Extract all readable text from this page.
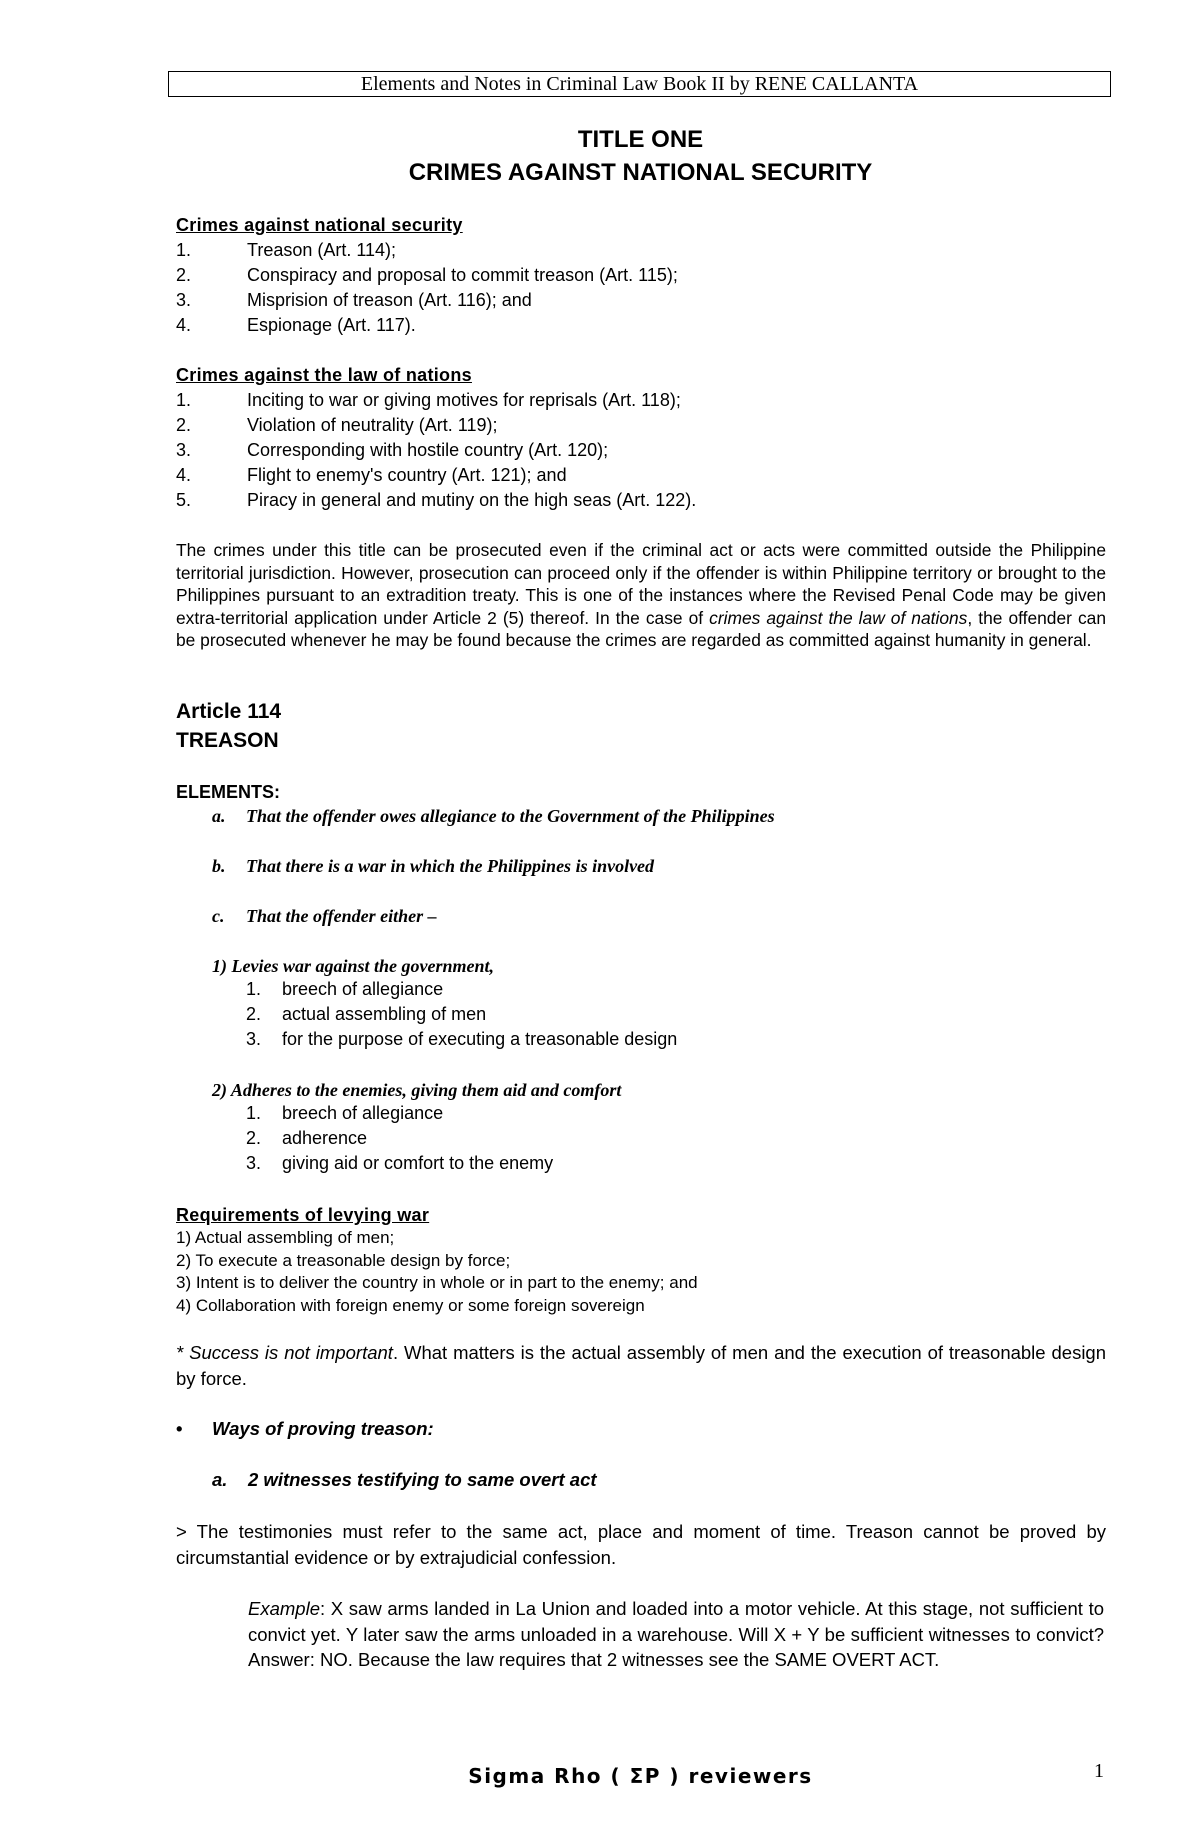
Elements and Notes in Criminal Law Book II by RENE CALLANTA
TITLE ONE
CRIMES AGAINST NATIONAL SECURITY
Crimes against national security
1.	Treason (Art. 114);
2.	Conspiracy and proposal to commit treason (Art. 115);
3.	Misprision of treason (Art. 116); and
4.	Espionage (Art. 117).
Crimes against the law of nations
1.	Inciting to war or giving motives for reprisals (Art. 118);
2.	Violation of neutrality (Art. 119);
3.	Corresponding with hostile country (Art. 120);
4.	Flight to enemy's country (Art. 121); and
5.	Piracy in general and mutiny on the high seas (Art. 122).

The crimes under this title can be prosecuted even if the criminal act or acts were committed outside the Philippine territorial jurisdiction. However, prosecution can proceed only if the offender is within Philippine territory or brought to the Philippines pursuant to an extradition treaty. This is one of the instances where the Revised Penal Code may be given extra-territorial application under Article 2 (5) thereof. In the case of crimes against the law of nations, the offender can be prosecuted whenever he may be found because the crimes are regarded as committed against humanity in general.

Article 114
TREASON
ELEMENTS:
a. That the offender owes allegiance to the Government of the Philippines
b. That there is a war in which the Philippines is involved
c. That the offender either –
1) Levies war against the government,
1. breech of allegiance
2. actual assembling of men
3. for the purpose of executing a treasonable design
2) Adheres to the enemies, giving them aid and comfort
1. breech of allegiance
2. adherence
3. giving aid or comfort to the enemy
Requirements of levying war
1) Actual assembling of men;
2) To execute a treasonable design by force;
3) Intent is to deliver the country in whole or in part to the enemy; and
4) Collaboration with foreign enemy or some foreign sovereign

* Success is not important. What matters is the actual assembly of men and the execution of treasonable design by force.

• Ways of proving treason:
a. 2 witnesses testifying to same overt act

> The testimonies must refer to the same act, place and moment of time. Treason cannot be proved by circumstantial evidence or by extrajudicial confession.

Example: X saw arms landed in La Union and loaded into a motor vehicle. At this stage, not sufficient to convict yet. Y later saw the arms unloaded in a warehouse. Will X + Y be sufficient witnesses to convict? Answer: NO. Because the law requires that 2 witnesses see the SAME OVERT ACT.

Sigma Rho ( ΣP ) reviewers	1
